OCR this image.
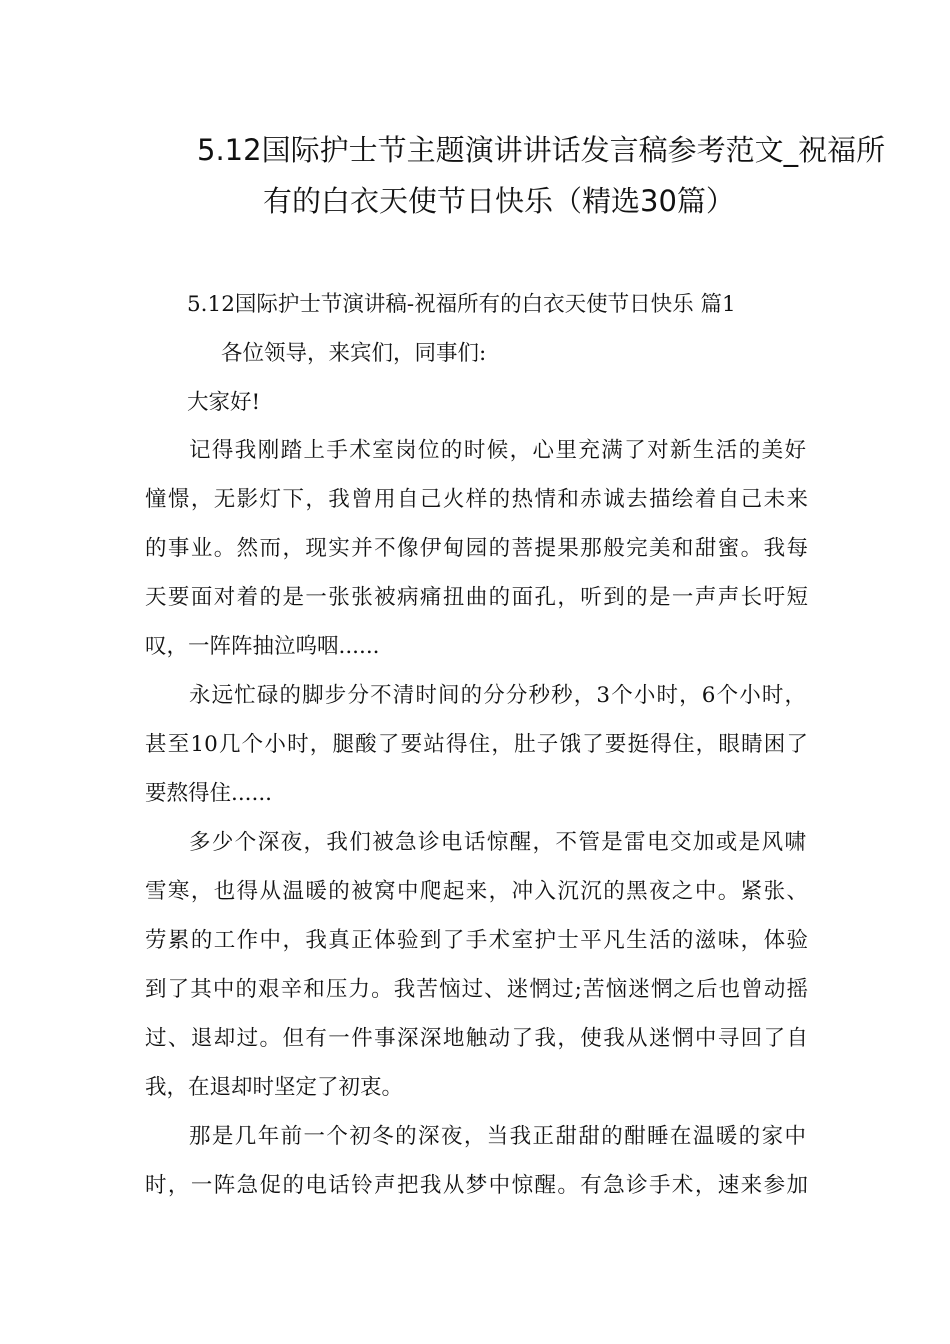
5.12国际护士节主题演讲讲话发言稿参考范文_祝福所
有的白衣天使节日快乐（精选30篇）
5.12国际护士节演讲稿-祝福所有的白衣天使节日快乐 篇1
各位领导，来宾们，同事们:
大家好!
记得我刚踏上手术室岗位的时候，心里充满了对新生活的美好
憧憬，无影灯下，我曾用自己火样的热情和赤诚去描绘着自己未来
的事业。然而，现实并不像伊甸园的菩提果那般完美和甜蜜。我每
天要面对着的是一张张被病痛扭曲的面孔，听到的是一声声长吁短
叹，一阵阵抽泣呜咽......
永远忙碌的脚步分不清时间的分分秒秒，3个小时，6个小时，
甚至10几个小时，腿酸了要站得住，肚子饿了要挺得住，眼睛困了
要熬得住......
多少个深夜，我们被急诊电话惊醒，不管是雷电交加或是风啸
雪寒，也得从温暖的被窝中爬起来，冲入沉沉的黑夜之中。紧张、
劳累的工作中，我真正体验到了手术室护士平凡生活的滋味，体验
到了其中的艰辛和压力。我苦恼过、迷惘过;苦恼迷惘之后也曾动摇
过、退却过。但有一件事深深地触动了我，使我从迷惘中寻回了自
我，在退却时坚定了初衷。
那是几年前一个初冬的深夜，当我正甜甜的酣睡在温暖的家中
时，一阵急促的电话铃声把我从梦中惊醒。有急诊手术，速来参加
